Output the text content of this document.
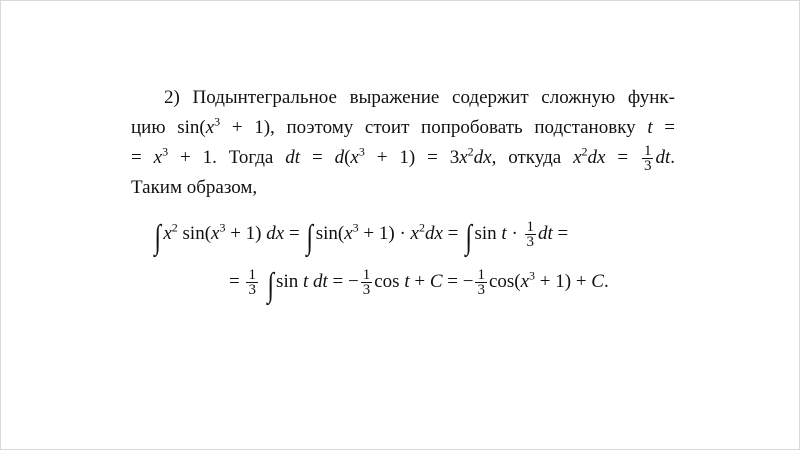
2) Подынтегральное выражение содержит сложную функ-
цию $\sin(x^3 + 1)$, поэтому стоит попробовать подстановку t =
= $x^3 + 1$. Тогда dt = $d(x^3 + 1) = 3x^2dx$, откуда $x^2dx = \frac{1}{3}$ dt.
Таким образом,
∫ $x^2$ $\sin(x^3 + 1)$ dx = ∫ $\sin(x^3 + 1) \cdot x^2dx$ = ∫ $\sin t \cdot \frac{1}{3}$ dt =
= $\frac{1}{3}$ ∫ sin t dt = − $\frac{1}{3}$ cos t + C = − $\frac{1}{3} \cos(x^3 + 1) + C$.
